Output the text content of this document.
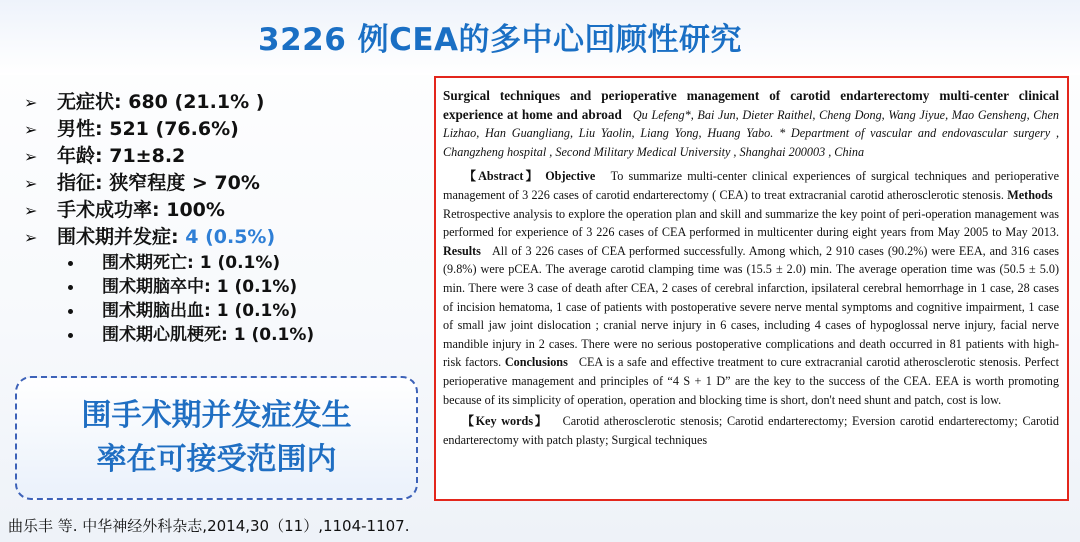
3226 例CEA的多中心回顾性研究
➢ 无症状: 680 (21.1% )
➢ 男性: 521 (76.6%)
➢ 年龄: 71±8.2
➢ 指征: 狭窄程度 > 70%
➢ 手术成功率: 100%
➢ 围术期并发症: 4 (0.5%)
围术期死亡: 1 (0.1%)
围术期脑卒中: 1 (0.1%)
围术期脑出血: 1 (0.1%)
围术期心肌梗死: 1 (0.1%)
围手术期并发症发生
率在可接受范围内
曲乐丰 等. 中华神经外科杂志,2014,30（11）,1104-1107.

Surgical techniques and perioperative management of carotid endarterectomy multi-center clinical experience at home and abroad Qu Lefeng*, Bai Jun, Dieter Raithel, Cheng Dong, Wang Jiyue, Mao Gensheng, Chen Lizhao, Han Guangliang, Liu Yaolin, Liang Yong, Huang Yabo. * Department of vascular and endovascular surgery , Changzheng hospital , Second Military Medical University , Shanghai 200003 , China

【Abstract】 Objective To summarize multi-center clinical experiences of surgical techniques and perioperative management of 3 226 cases of carotid endarterectomy ( CEA) to treat extracranial carotid atherosclerotic stenosis. Methods   Retrospective analysis to explore the operation plan and skill and summarize the key point of peri-operation management was performed for experience of 3 226 cases of CEA performed in multicenter during eight years from May 2005 to May 2013. Results All of 3 226 cases of CEA performed successfully. Among which, 2 910 cases (90.2%) were EEA, and 316 cases (9.8%) were pCEA. The average carotid clamping time was (15.5 ± 2.0) min. The average operation time was (50.5 ± 5.0) min. There were 3 case of death after CEA, 2 cases of cerebral infarction, ipsilateral cerebral hemorrhage in 1 case, 28 cases of incision hematoma, 1 case of patients with postoperative severe nerve mental symptoms and cognitive impairment, 1 case of small jaw joint dislocation ; cranial nerve injury in 6 cases, including 4 cases of hypoglossal nerve injury, facial nerve mandible injury in 2 cases. There were no serious postoperative complications and death occurred in 81 patients with high-risk factors. Conclusions CEA is a safe and effective treatment to cure extracranial carotid atherosclerotic stenosis. Perfect perioperative management and principles of “4 S + 1 D” are the key to the success of the CEA. EEA is worth promoting because of its simplicity of operation, operation and blocking time is short, don't need shunt and patch, cost is low.

【Key words】 Carotid atherosclerotic stenosis; Carotid endarterectomy; Eversion carotid endarterectomy; Carotid endarterectomy with patch plasty; Surgical techniques
